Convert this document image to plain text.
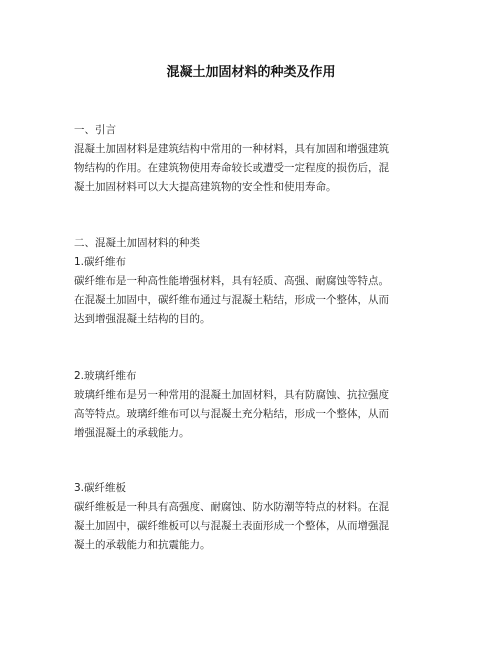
混凝土加固材料的种类及作用
一、引言
混凝土加固材料是建筑结构中常用的一种材料，具有加固和增强建筑
物结构的作用。在建筑物使用寿命较长或遭受一定程度的损伤后，混
凝土加固材料可以大大提高建筑物的安全性和使用寿命。
二、混凝土加固材料的种类
1.碳纤维布
碳纤维布是一种高性能增强材料，具有轻质、高强、耐腐蚀等特点。
在混凝土加固中，碳纤维布通过与混凝土粘结，形成一个整体，从而
达到增强混凝土结构的目的。
2.玻璃纤维布
玻璃纤维布是另一种常用的混凝土加固材料，具有防腐蚀、抗拉强度
高等特点。玻璃纤维布可以与混凝土充分粘结，形成一个整体，从而
增强混凝土的承载能力。
3.碳纤维板
碳纤维板是一种具有高强度、耐腐蚀、防水防潮等特点的材料。在混
凝土加固中，碳纤维板可以与混凝土表面形成一个整体，从而增强混
凝土的承载能力和抗震能力。
